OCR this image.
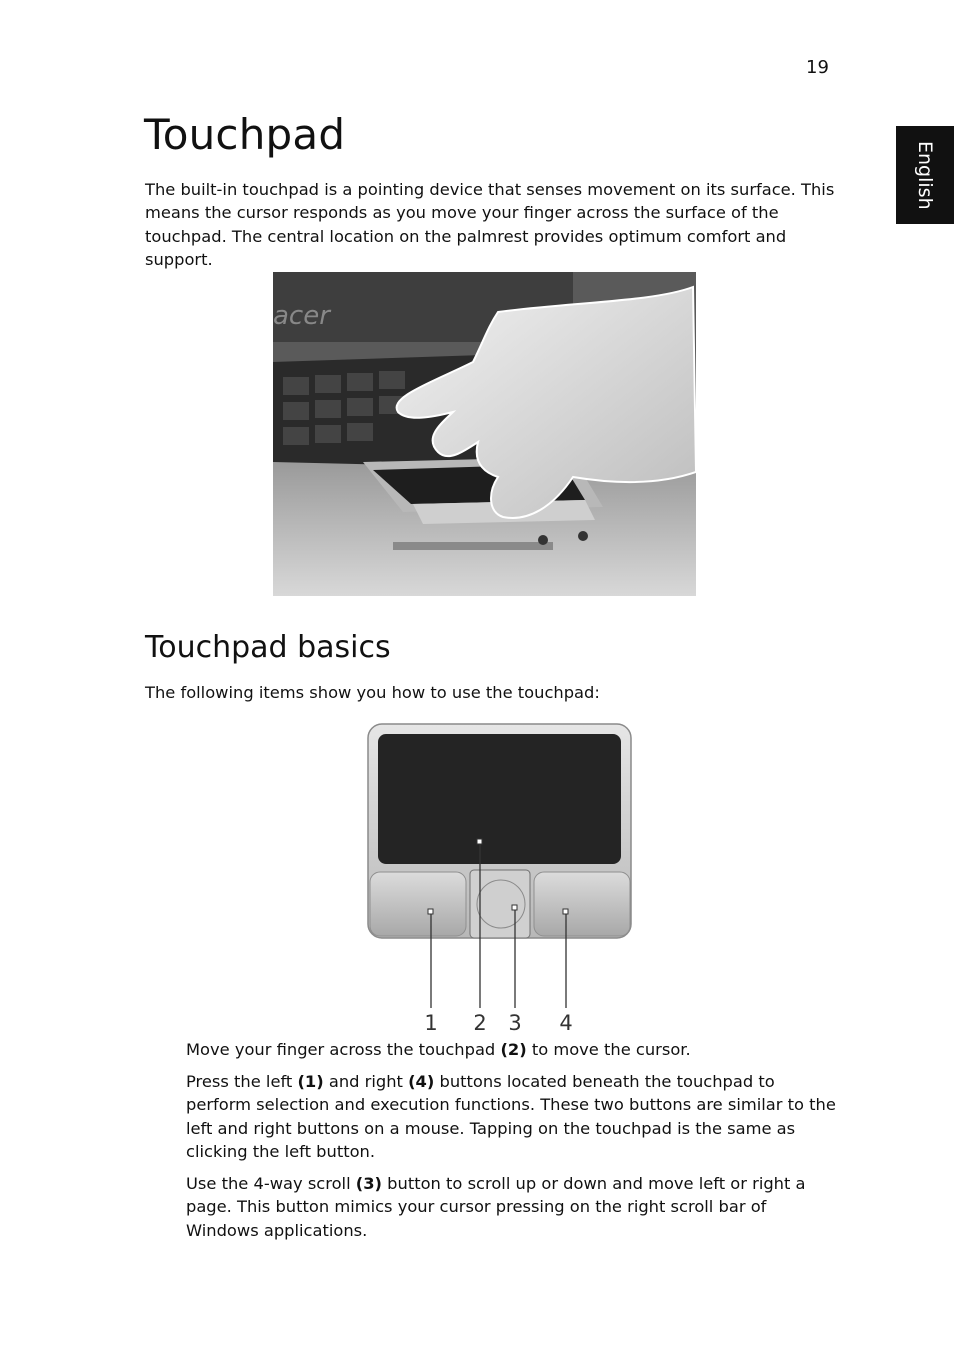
19
English
Touchpad

The built-in touchpad is a pointing device that senses movement on its surface. This means the cursor responds as you move your finger across the surface of the touchpad. The central location on the palmrest provides optimum comfort and support.

acer
Touchpad basics

The following items show you how to use the touchpad:

1 2 3 4

Move your finger across the touchpad (2) to move the cursor.

Press the left (1) and right (4) buttons located beneath the touchpad to perform selection and execution functions. These two buttons are similar to the left and right buttons on a mouse. Tapping on the touchpad is the same as clicking the left button.

Use the 4-way scroll (3) button to scroll up or down and move left or right a page. This button mimics your cursor pressing on the right scroll bar of Windows applications.
